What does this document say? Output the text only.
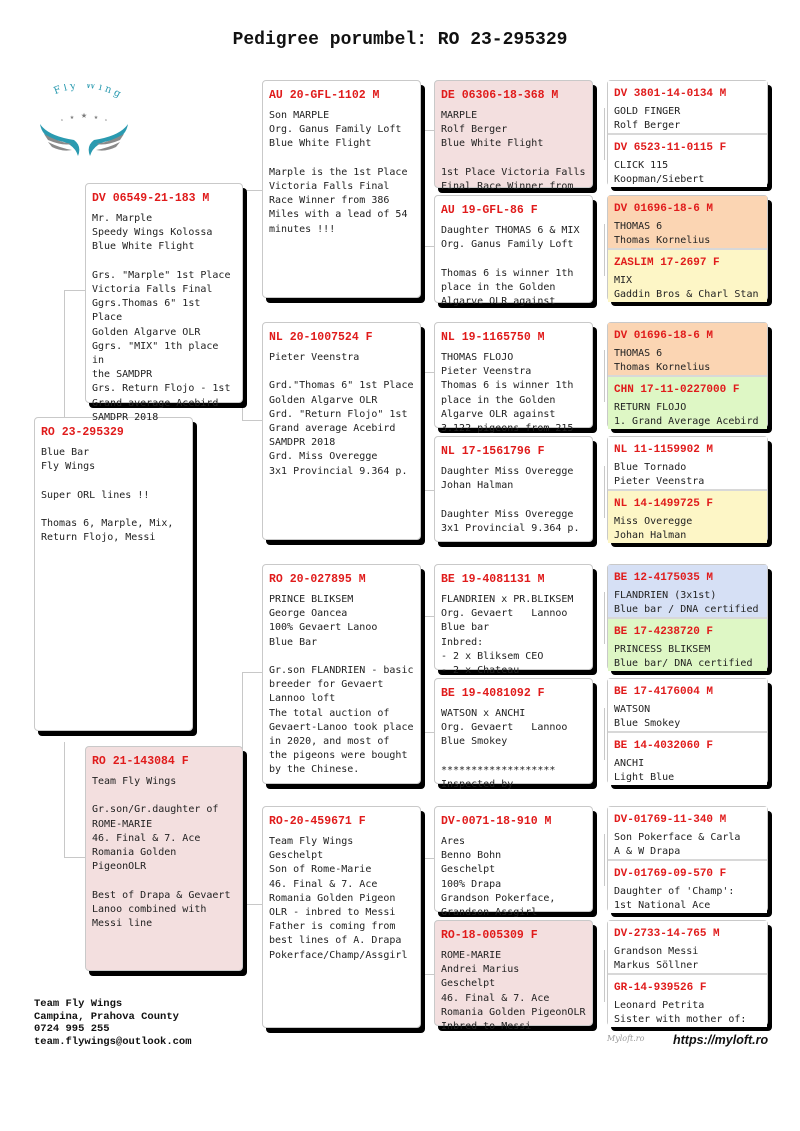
Pedigree porumbel: RO 23-295329
Fly Wing
★
★	★
★	★
RO 23-295329
Blue Bar
Fly Wings

Super ORL lines !!

Thomas 6, Marple, Mix,
Return Flojo, Messi
DV 06549-21-183 M
Mr. Marple
Speedy Wings Kolossa
Blue White Flight

Grs. "Marple" 1st Place
Victoria Falls Final
Ggrs.Thomas 6" 1st Place
Golden Algarve OLR
Ggrs. "MIX" 1th place in
the SAMDPR
Grs. Return Flojo - 1st
Grand average Acebird
SAMDPR 2018
RO 21-143084 F
Team Fly Wings

Gr.son/Gr.daughter of
ROME-MARIE
46. Final & 7. Ace
Romania Golden PigeonOLR

Best of Drapa & Gevaert
Lanoo combined with
Messi line
AU 20-GFL-1102 M
Son MARPLE
Org. Ganus Family Loft
Blue White Flight

Marple is the 1st Place
Victoria Falls Final
Race Winner from 386
Miles with a lead of 54
minutes !!!
NL 20-1007524 F
Pieter Veenstra

Grd."Thomas 6" 1st Place
Golden Algarve OLR
Grd. "Return Flojo" 1st
Grand average Acebird
SAMDPR 2018
Grd. Miss Overegge
3x1 Provincial 9.364 p.
RO 20-027895 M
PRINCE BLIKSEM
George Oancea
100% Gevaert Lanoo
Blue Bar

Gr.son FLANDRIEN - basic
breeder for Gevaert
Lannoo loft
The total auction of
Gevaert-Lanoo took place
in 2020, and most of
the pigeons were bought
by the Chinese.
RO-20-459671 F
Team Fly Wings
Geschelpt
Son of Rome-Marie
46. Final & 7. Ace
Romania Golden Pigeon
OLR - inbred to Messi
Father is coming from
best lines of A. Drapa
Pokerface/Champ/Assgirl
DE 06306-18-368 M
MARPLE
Rolf Berger
Blue White Flight

1st Place Victoria Falls
Final Race Winner from
AU 19-GFL-86 F
Daughter THOMAS 6 & MIX
Org. Ganus Family Loft

Thomas 6 is winner 1th
place in the Golden
Algarve OLR against
NL 19-1165750 M
THOMAS FLOJO
Pieter Veenstra
Thomas 6 is winner 1th
place in the Golden
Algarve OLR against
3.122 pigeons from 215
NL 17-1561796 F
Daughter Miss Overegge
Johan Halman

Daughter Miss Overegge
3x1 Provincial 9.364 p.
BE 19-4081131 M
FLANDRIEN x PR.BLIKSEM
Org. Gevaert   Lannoo
Blue bar
Inbred:
- 2 x Bliksem CEO
- 2 x Chateau
BE 19-4081092 F
WATSON x ANCHI
Org. Gevaert   Lannoo
Blue Smokey

*******************
Inspected by
DV-0071-18-910 M
Ares
Benno Bohn
Geschelpt
100% Drapa
Grandson Pokerface,
Grandson Assgirl
RO-18-005309 F
ROME-MARIE
Andrei Marius
Geschelpt
46. Final & 7. Ace
Romania Golden PigeonOLR
Inbred to Messi
DV 3801-14-0134 M
GOLD FINGER
Rolf Berger
DV 6523-11-0115 F
CLICK 115
Koopman/Siebert
DV 01696-18-6 M
THOMAS 6
Thomas Kornelius
ZASLIM 17-2697 F
MIX
Gaddin Bros & Charl Stan
DV 01696-18-6 M
THOMAS 6
Thomas Kornelius
CHN 17-11-0227000 F
RETURN FLOJO
1. Grand Average Acebird
NL 11-1159902 M
Blue Tornado
Pieter Veenstra
NL 14-1499725 F
Miss Overegge
Johan Halman
BE 12-4175035 M
FLANDRIEN (3x1st)
Blue bar / DNA certified
BE 17-4238720 F
PRINCESS BLIKSEM
Blue bar/ DNA certified
BE 17-4176004 M
WATSON
Blue Smokey
BE 14-4032060 F
ANCHI
Light Blue
DV-01769-11-340 M
Son Pokerface & Carla
A & W Drapa
DV-01769-09-570 F
Daughter of 'Champ':
1st National Ace
DV-2733-14-765 M
Grandson Messi
Markus Söllner
GR-14-939526 F
Leonard Petrita
Sister with mother of:
Team Fly Wings
Campina, Prahova County
0724 995 255
team.flywings@outlook.com	Myloft.ro https://myloft.ro
